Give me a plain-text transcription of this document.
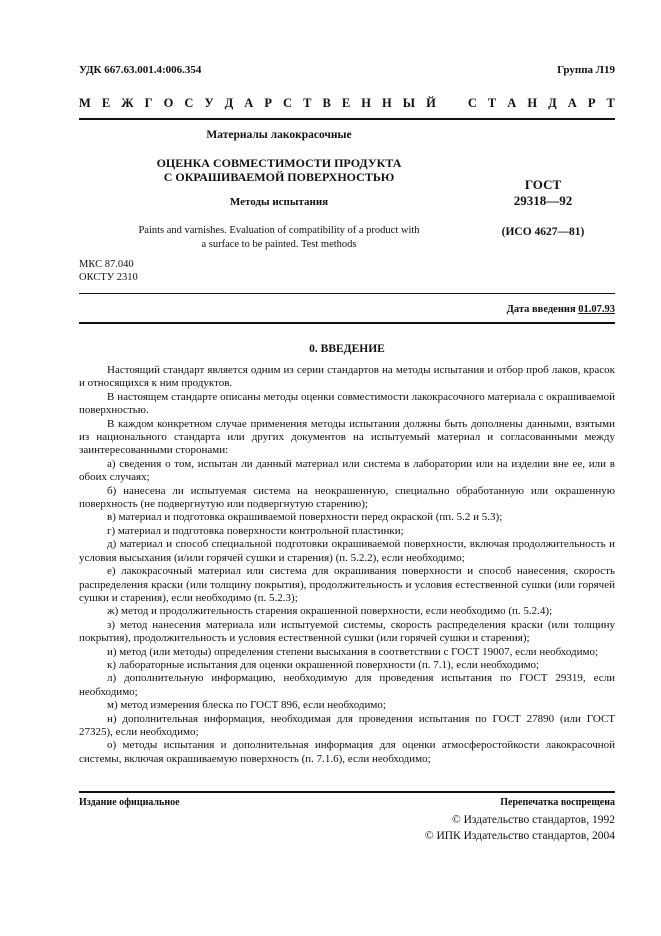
УДК 667.63.001.4:006.354	Группа Л19
М Е Ж Г О С У Д А Р С Т В Е Н Н Ы Й	С Т А Н Д А Р Т
Материалы лакокрасочные
ОЦЕНКА СОВМЕСТИМОСТИ ПРОДУКТА
С ОКРАШИВАЕМОЙ ПОВЕРХНОСТЬЮ
Методы испытания
Paints and varnishes. Evaluation of compatibility of a product with
a surface to be painted. Test methods
ГОСТ
29318—92
(ИСО 4627—81)
МКС 87.040
ОКСТУ 2310
Дата введения 01.07.93
0. ВВЕДЕНИЕ

Настоящий стандарт является одним из серии стандартов на методы испытания и отбор проб лаков, красок и относящихся к ним продуктов.

В настоящем стандарте описаны методы оценки совместимости лакокрасочного материала с окрашиваемой поверхностью.

В каждом конкретном случае применения методы испытания должны быть дополнены данными, взятыми из национального стандарта или других документов на испытуемый материал и согласованными между заинтересованными сторонами:

а) сведения о том, испытан ли данный материал или система в лаборатории или на изделии вне ее, или в обоих случаях;

б) нанесена ли испытуемая система на неокрашенную, специально обработанную или окрашенную поверхность (не подвергнутую или подвергнутую старению);

в) материал и подготовка окрашиваемой поверхности перед окраской (пп. 5.2 и 5.3);

г) материал и подготовка поверхности контрольной пластинки;

д) материал и способ специальной подготовки окрашиваемой поверхности, включая продолжительность и условия высыхания (и/или горячей сушки и старения) (п. 5.2.2), если необходимо;

е) лакокрасочный материал или система для окрашивания поверхности и способ нанесения, скорость распределения краски (или толщину покрытия), продолжительность и условия естественной сушки (или горячей сушки и старения), если необходимо (п. 5.2.3);

ж) метод и продолжительность старения окрашенной поверхности, если необходимо (п. 5.2.4);

з) метод нанесения материала или испытуемой системы, скорость распределения краски (или толщину покрытия), продолжительность и условия естественной сушки (или горячей сушки и старения);

и) метод (или методы) определения степени высыхания в соответствии с ГОСТ 19007, если необходимо;

к) лабораторные испытания для оценки окрашенной поверхности (п. 7.1), если необходимо;

л) дополнительную информацию, необходимую для проведения испытания по ГОСТ 29319, если необходимо;

м) метод измерения блеска по ГОСТ 896, если необходимо;

н) дополнительная информация, необходимая для проведения испытания по ГОСТ 27890 (или ГОСТ 27325), если необходимо;

о) методы испытания и дополнительная информация для оценки атмосферостойкости лакокрасочной системы, включая окрашиваемую поверхность (п. 7.1.6), если необходимо;

Издание официальное	Перепечатка воспрещена
© Издательство стандартов, 1992
© ИПК Издательство стандартов, 2004
